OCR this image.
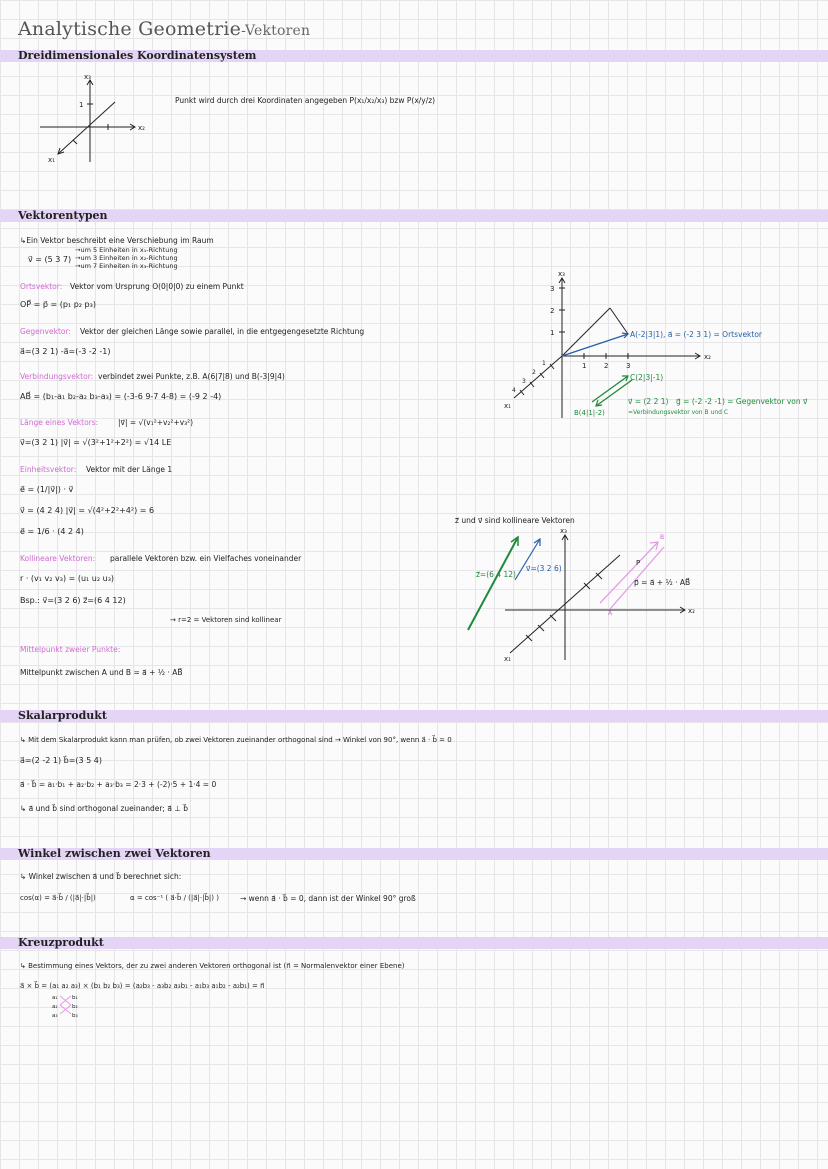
Analytische Geometrie-Vektoren
Dreidimensionales Koordinatensystem
x₃
x₂
x₁
1	Punkt wird durch drei Koordinaten angegeben P(x₁/x₂/x₃) bzw P(x/y/z)
Vektorentypen
↳Ein Vektor beschreibt eine Verschiebung im Raum
v⃗ = (5 3 7)
→um 5 Einheiten in x₁-Richtung
→um 3 Einheiten in x₂-Richtung
→um 7 Einheiten in x₃-Richtung
Ortsvektor: Vektor vom Ursprung O(0|0|0) zu einem Punkt
OP⃗ = p⃗ = (p₁ p₂ p₃)
Gegenvektor: Vektor der gleichen Länge sowie parallel, in die entgegengesetzte Richtung
a⃗=(3 2 1) -a⃗=(-3 -2 -1)
Verbindungsvektor: verbindet zwei Punkte, z.B. A(6|7|8) und B(-3|9|4)
AB⃗ = (b₁-a₁ b₂-a₂ b₃-a₃) = (-3-6 9-7 4-8) = (-9 2 -4)
Länge eines Vektors:	|v⃗| = √(v₁²+v₂²+v₃²)
v⃗=(3 2 1) |v⃗| = √(3²+1²+2²) = √14 LE
Einheitsvektor: Vektor mit der Länge 1
e⃗ = (1/|v⃗|) · v⃗
v⃗ = (4 2 4) |v⃗| = √(4²+2²+4²) = 6
e⃗ = 1/6 · (4 2 4)
Kollineare Vektoren: parallele Vektoren bzw. ein Vielfaches voneinander
r · (v₁ v₂ v₃) = (u₁ u₂ u₃)
Bsp.: v⃗=(3 2 6) z⃗=(6 4 12)
→ r=2 = Vektoren sind kollinear
Mittelpunkt zweier Punkte:
Mittelpunkt zwischen A und B = a⃗ + ½ · AB⃗
1
2
3
1	2	3
1
2
3
4
x₃
x₂
x₁
A(-2|3|1), a⃗ = (-2 3 1) = Ortsvektor
C(2|3|-1)
B(4|1|-2)
v⃗ = (2 2 1) g⃗ = (-2 -2 -1) = Gegenvektor von v⃗
=Verbindungsvektor von B und C
z⃗ und v⃗ sind kollineare Vektoren
x₃
x₂
x₁
z⃗=(6 4 12)
v⃗=(3 2 6)
p⃗ = a⃗ + ½ · AB⃗
P
A
B
Skalarprodukt
↳ Mit dem Skalarprodukt kann man prüfen, ob zwei Vektoren zueinander orthogonal sind → Winkel von 90°, wenn a⃗ · b⃗ = 0
a⃗=(2 -2 1) b⃗=(3 5 4)
a⃗ · b⃗ = a₁·b₁ + a₂·b₂ + a₃·b₃ = 2·3 + (-2)·5 + 1·4 = 0
↳ a⃗ und b⃗ sind orthogonal zueinander; a⃗ ⊥ b⃗
Winkel zwischen zwei Vektoren
↳ Winkel zwischen a⃗ und b⃗ berechnet sich:
cos(α) = a⃗·b⃗ / (|a⃗|·|b⃗|)	α = cos⁻¹ ( a⃗·b⃗ / (|a⃗|·|b⃗|) )	→ wenn a⃗ · b⃗ = 0, dann ist der Winkel 90° groß
Kreuzprodukt
↳ Bestimmung eines Vektors, der zu zwei anderen Vektoren orthogonal ist (n⃗ = Normalenvektor einer Ebene)
a⃗ × b⃗ = (a₁ a₂ a₃) × (b₁ b₂ b₃) = (a₂b₃ - a₃b₂ a₃b₁ - a₁b₃ a₁b₂ - a₂b₁) = n⃗
a₁
a₂
a₃
b₁
b₂
b₃
